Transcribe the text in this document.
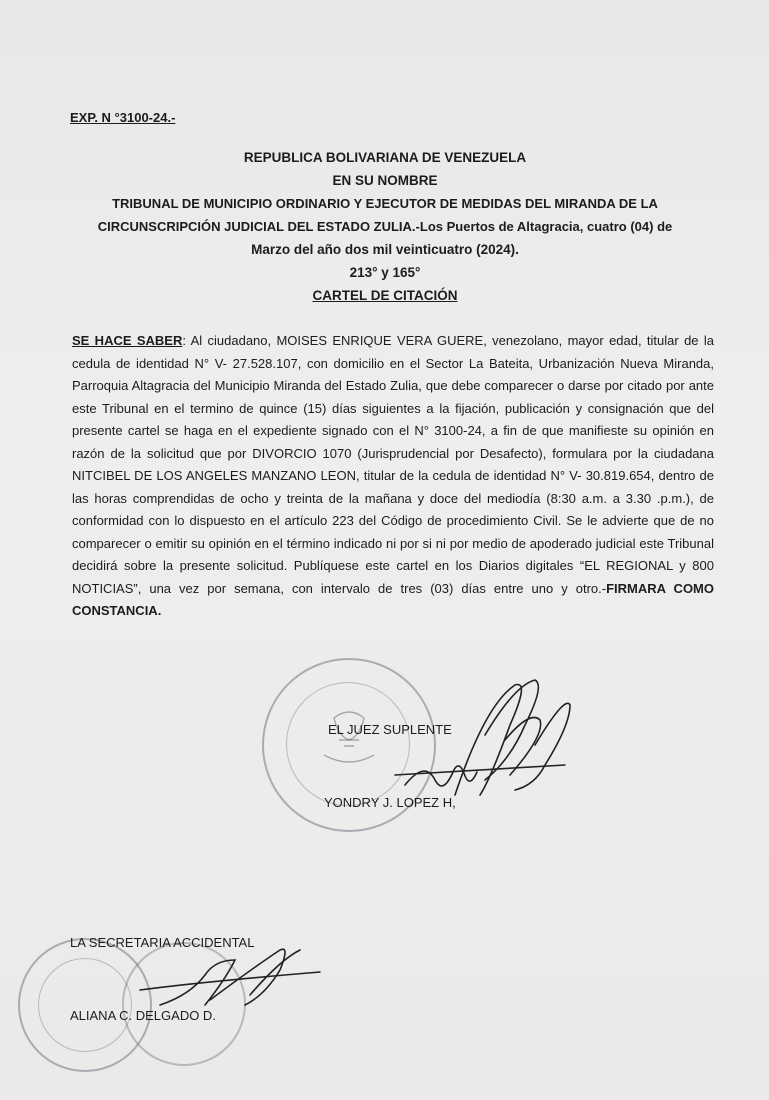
EXP. N °3100-24.-
REPUBLICA BOLIVARIANA DE VENEZUELA
EN SU NOMBRE
TRIBUNAL DE MUNICIPIO ORDINARIO Y EJECUTOR DE MEDIDAS DEL MIRANDA DE LA
CIRCUNSCRIPCIÓN JUDICIAL DEL ESTADO ZULIA.-Los Puertos de Altagracia, cuatro (04) de
Marzo del año dos mil veinticuatro (2024).
213° y 165°
CARTEL DE CITACIÓN
SE HACE SABER: Al ciudadano, MOISES ENRIQUE VERA GUERE, venezolano, mayor edad, titular de la cedula de identidad N° V- 27.528.107, con domicilio en el Sector La Bateita, Urbanización Nueva Miranda, Parroquia Altagracia del Municipio Miranda del Estado Zulia, que debe comparecer o darse por citado por ante este Tribunal en el termino de quince (15) días siguientes a la fijación, publicación y consignación que del presente cartel se haga en el expediente signado con el N° 3100-24, a fin de que manifieste su opinión en razón de la solicitud que por DIVORCIO 1070 (Jurisprudencial por Desafecto), formulara por la ciudadana NITCIBEL DE LOS ANGELES MANZANO LEON, titular de la cedula de identidad N° V- 30.819.654, dentro de las horas comprendidas de ocho y treinta de la mañana y doce del mediodía (8:30 a.m. a 3.30 .p.m.), de conformidad con lo dispuesto en el artículo 223 del Código de procedimiento Civil. Se le advierte que de no comparecer o emitir su opinión en el término indicado ni por si ni por medio de apoderado judicial este Tribunal decidirá sobre la presente solicitud. Publíquese este cartel en los Diarios digitales “EL REGIONAL y 800 NOTICIAS”, una vez por semana, con intervalo de tres (03) días entre uno y otro.-FIRMARA COMO CONSTANCIA.
EL JUEZ SUPLENTE
YONDRY J. LOPEZ H,
LA SECRETARIA ACCIDENTAL
ALIANA C. DELGADO D.
